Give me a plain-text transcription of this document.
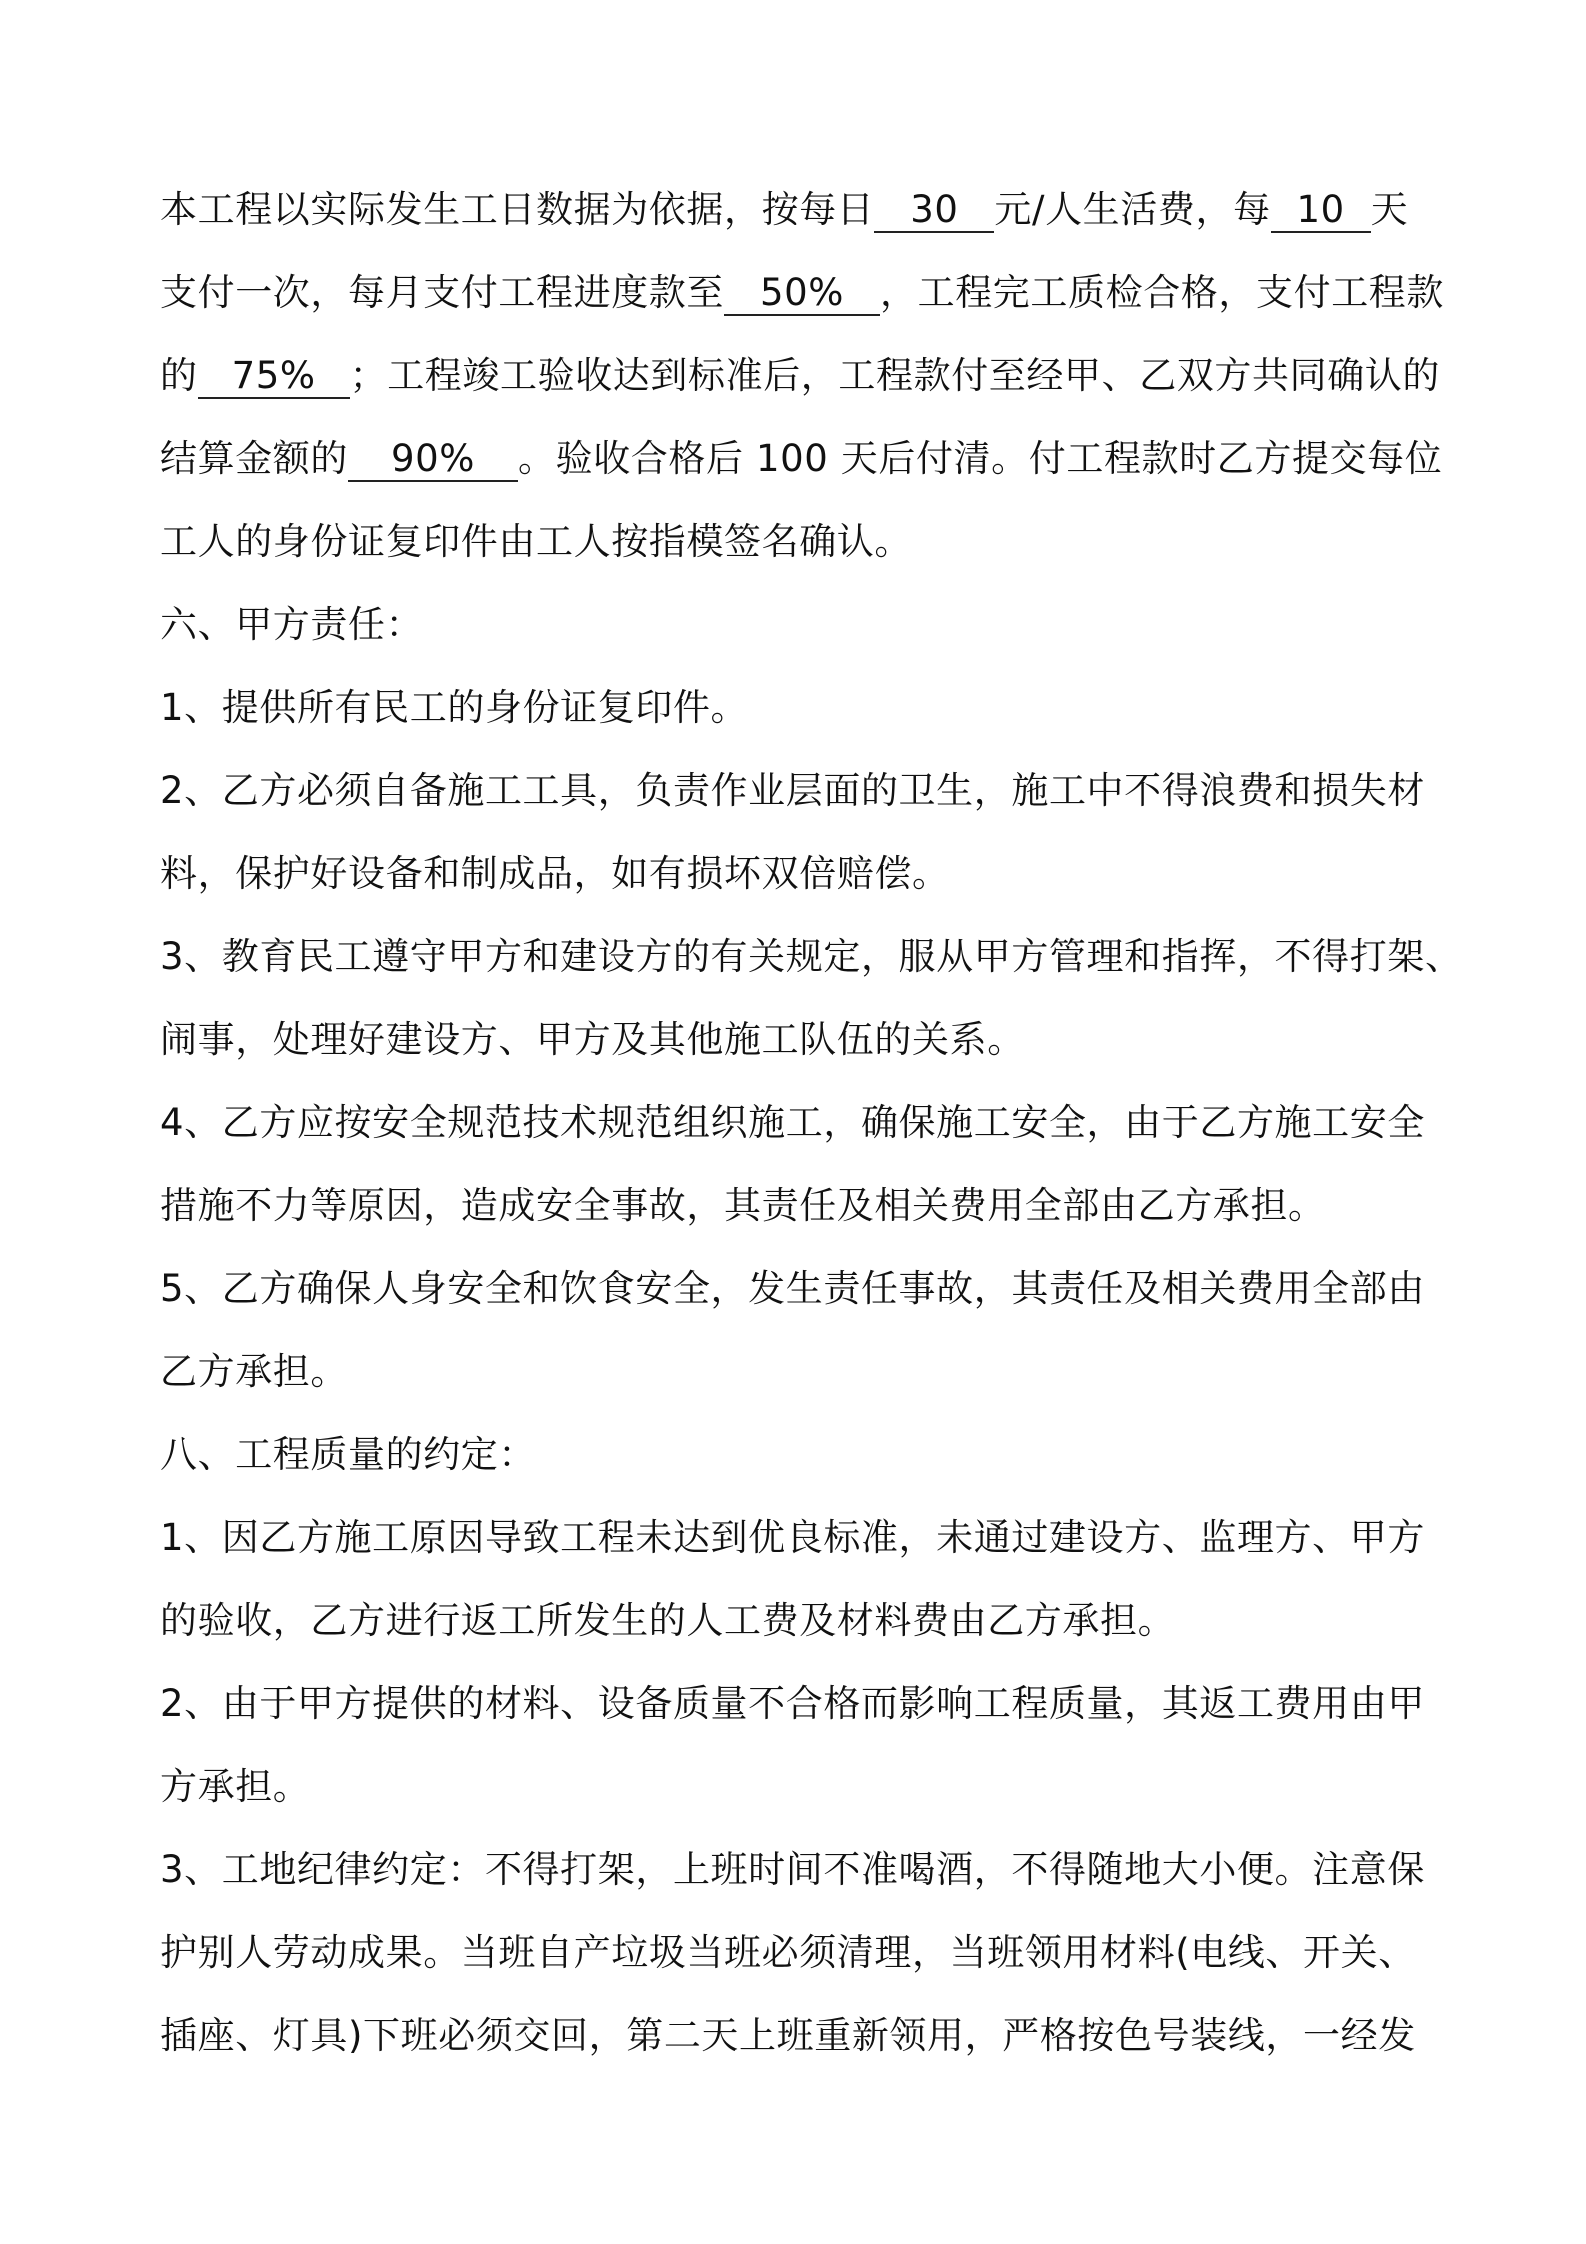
本工程以实际发生工日数据为依据，按每日 30 元/人生活费，每 10 天
支付一次，每月支付工程进度款至 50% ，工程完工质检合格，支付工程款
的 75% ；工程竣工验收达到标准后，工程款付至经甲、乙双方共同确认的
结算金额的 90% 。验收合格后 100 天后付清。付工程款时乙方提交每位
工人的身份证复印件由工人按指模签名确认。
六、甲方责任：
1、提供所有民工的身份证复印件。
2、乙方必须自备施工工具，负责作业层面的卫生，施工中不得浪费和损失材
料，保护好设备和制成品，如有损坏双倍赔偿。
3、教育民工遵守甲方和建设方的有关规定，服从甲方管理和指挥，不得打架、
闹事，处理好建设方、甲方及其他施工队伍的关系。
4、乙方应按安全规范技术规范组织施工，确保施工安全，由于乙方施工安全
措施不力等原因，造成安全事故，其责任及相关费用全部由乙方承担。
5、乙方确保人身安全和饮食安全，发生责任事故，其责任及相关费用全部由
乙方承担。
八、工程质量的约定：
1、因乙方施工原因导致工程未达到优良标准，未通过建设方、监理方、甲方
的验收，乙方进行返工所发生的人工费及材料费由乙方承担。
2、由于甲方提供的材料、设备质量不合格而影响工程质量，其返工费用由甲
方承担。
3、工地纪律约定：不得打架，上班时间不准喝酒，不得随地大小便。注意保
护别人劳动成果。当班自产垃圾当班必须清理，当班领用材料(电线、开关、
插座、灯具)下班必须交回，第二天上班重新领用，严格按色号装线，一经发
